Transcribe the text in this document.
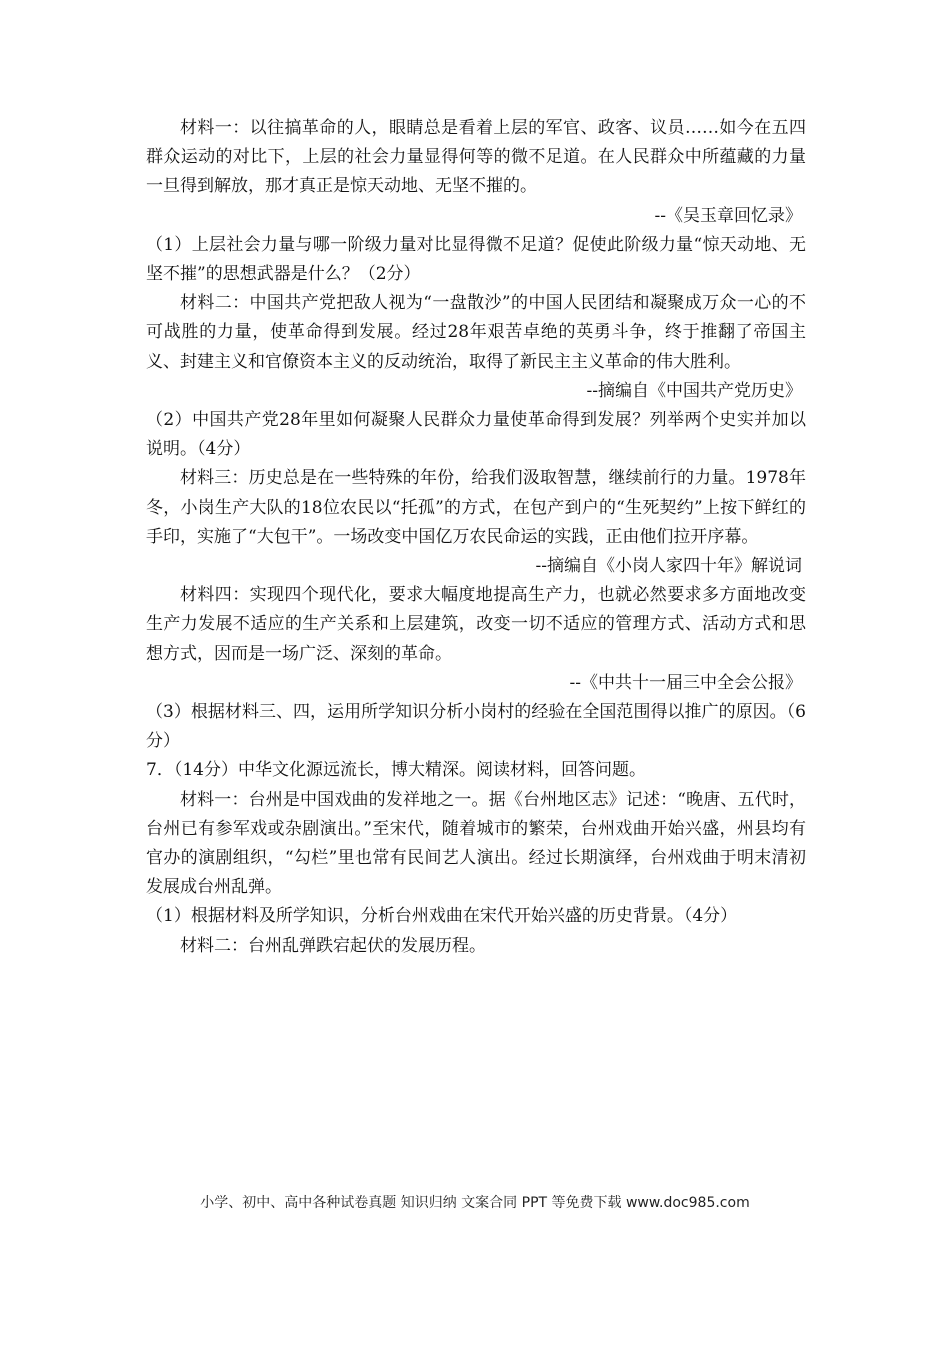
材料一：以往搞革命的人，眼睛总是看着上层的军官、政客、议员……如今在五四群众运动的对比下，上层的社会力量显得何等的微不足道。在人民群众中所蕴藏的力量一旦得到解放，那才真正是惊天动地、无坚不摧的。

--《吴玉章回忆录》

（1）上层社会力量与哪一阶级力量对比显得微不足道？促使此阶级力量“惊天动地、无坚不摧”的思想武器是什么？（2分）

材料二：中国共产党把敌人视为“一盘散沙”的中国人民团结和凝聚成万众一心的不可战胜的力量，使革命得到发展。经过28年艰苦卓绝的英勇斗争，终于推翻了帝国主义、封建主义和官僚资本主义的反动统治，取得了新民主主义革命的伟大胜利。

--摘编自《中国共产党历史》

（2）中国共产党28年里如何凝聚人民群众力量使革命得到发展？列举两个史实并加以说明。（4分）

材料三：历史总是在一些特殊的年份，给我们汲取智慧，继续前行的力量。1978年冬，小岗生产大队的18位农民以“托孤”的方式，在包产到户的“生死契约”上按下鲜红的手印，实施了“大包干”。一场改变中国亿万农民命运的实践，正由他们拉开序幕。

--摘编自《小岗人家四十年》解说词

材料四：实现四个现代化，要求大幅度地提高生产力，也就必然要求多方面地改变生产力发展不适应的生产关系和上层建筑，改变一切不适应的管理方式、活动方式和思想方式，因而是一场广泛、深刻的革命。

--《中共十一届三中全会公报》

（3）根据材料三、四，运用所学知识分析小岗村的经验在全国范围得以推广的原因。（6分）

7．（14分）中华文化源远流长，博大精深。阅读材料，回答问题。

材料一：台州是中国戏曲的发祥地之一。据《台州地区志》记述：“晚唐、五代时，台州已有参军戏或杂剧演出。”至宋代，随着城市的繁荣，台州戏曲开始兴盛，州县均有官办的演剧组织，“勾栏”里也常有民间艺人演出。经过长期演绎，台州戏曲于明末清初发展成台州乱弹。

（1）根据材料及所学知识，分析台州戏曲在宋代开始兴盛的历史背景。（4分）

材料二：台州乱弹跌宕起伏的发展历程。

小学、初中、高中各种试卷真题 知识归纳 文案合同 PPT 等免费下载 www.doc985.com
